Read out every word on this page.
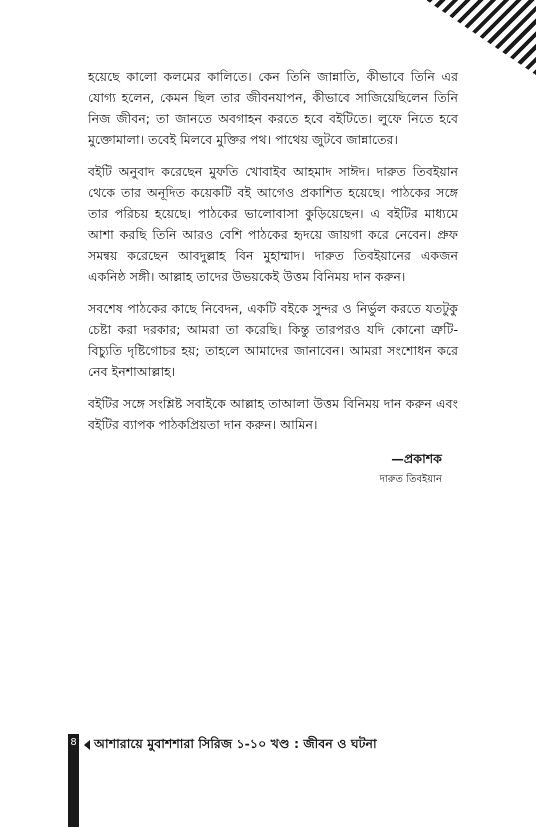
হয়েছে কালো কলমের কালিতে। কেন তিনি জান্নাতি, কীভাবে তিনি এর যোগ্য হলেন, কেমন ছিল তার জীবনযাপন, কীভাবে সাজিয়েছিলেন তিনি নিজ জীবন; তা জানতে অবগাহন করতে হবে বইটিতে। লুফে নিতে হবে মুক্তোমালা। তবেই মিলবে মুক্তির পথ। পাথেয় জুটবে জান্নাতের।

বইটি অনুবাদ করেছেন মুফতি খোবাইব আহমাদ সাঈদ। দারুত তিবইয়ান থেকে তার অনূদিত কয়েকটি বই আগেও প্রকাশিত হয়েছে। পাঠকের সঙ্গে তার পরিচয় হয়েছে। পাঠকের ভালোবাসা কুড়িয়েছেন। এ বইটির মাধ্যমে আশা করছি তিনি আরও বেশি পাঠকের হৃদয়ে জায়গা করে নেবেন। প্রুফ সমন্বয় করেছেন আবদুল্লাহ বিন মুহাম্মাদ। দারুত তিবইয়ানের একজন একনিষ্ঠ সঙ্গী। আল্লাহ তাদের উভয়কেই উত্তম বিনিময় দান করুন।

সবশেষ পাঠকের কাছে নিবেদন, একটি বইকে সুন্দর ও নির্ভুল করতে যতটুকু চেষ্টা করা দরকার; আমরা তা করেছি। কিন্তু তারপরও যদি কোনো ত্রুটি-বিচ্যুতি দৃষ্টিগোচর হয়; তাহলে আমাদের জানাবেন। আমরা সংশোধন করে নেব ইনশাআল্লাহ।

বইটির সঙ্গে সংশ্লিষ্ট সবাইকে আল্লাহ তাআলা উত্তম বিনিময় দান করুন এবং বইটির ব্যাপক পাঠকপ্রিয়তা দান করুন। আমিন।

—প্রকাশক
দারুত তিবইয়ান
8 আশারায়ে মুবাশশারা সিরিজ ১-১০ খণ্ড : জীবন ও ঘটনা
